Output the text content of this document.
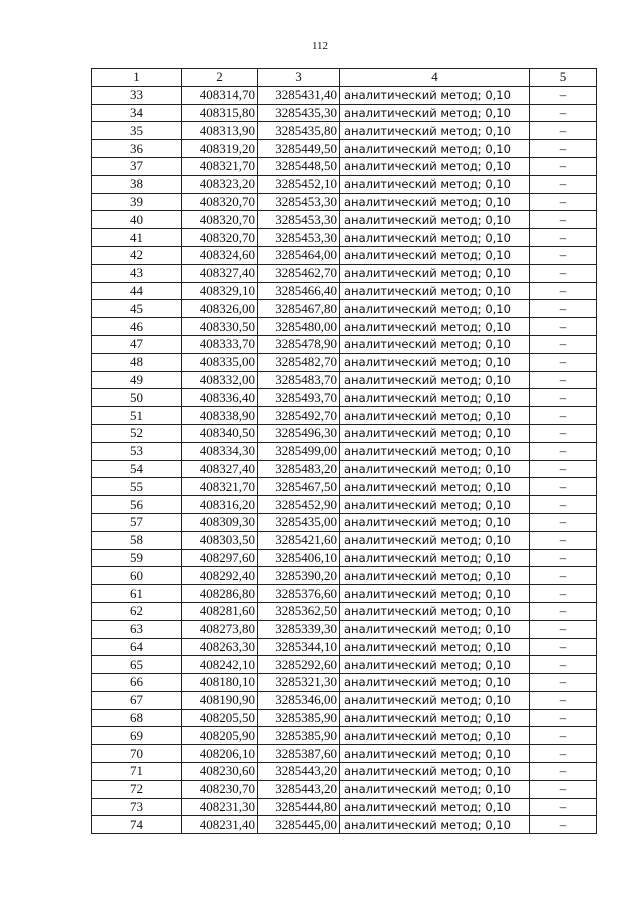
112
1	2	3	4	5
33	408314,70	3285431,40	аналитический метод; 0,10	–
34	408315,80	3285435,30	аналитический метод; 0,10	–
35	408313,90	3285435,80	аналитический метод; 0,10	–
36	408319,20	3285449,50	аналитический метод; 0,10	–
37	408321,70	3285448,50	аналитический метод; 0,10	–
38	408323,20	3285452,10	аналитический метод; 0,10	–
39	408320,70	3285453,30	аналитический метод; 0,10	–
40	408320,70	3285453,30	аналитический метод; 0,10	–
41	408320,70	3285453,30	аналитический метод; 0,10	–
42	408324,60	3285464,00	аналитический метод; 0,10	–
43	408327,40	3285462,70	аналитический метод; 0,10	–
44	408329,10	3285466,40	аналитический метод; 0,10	–
45	408326,00	3285467,80	аналитический метод; 0,10	–
46	408330,50	3285480,00	аналитический метод; 0,10	–
47	408333,70	3285478,90	аналитический метод; 0,10	–
48	408335,00	3285482,70	аналитический метод; 0,10	–
49	408332,00	3285483,70	аналитический метод; 0,10	–
50	408336,40	3285493,70	аналитический метод; 0,10	–
51	408338,90	3285492,70	аналитический метод; 0,10	–
52	408340,50	3285496,30	аналитический метод; 0,10	–
53	408334,30	3285499,00	аналитический метод; 0,10	–
54	408327,40	3285483,20	аналитический метод; 0,10	–
55	408321,70	3285467,50	аналитический метод; 0,10	–
56	408316,20	3285452,90	аналитический метод; 0,10	–
57	408309,30	3285435,00	аналитический метод; 0,10	–
58	408303,50	3285421,60	аналитический метод; 0,10	–
59	408297,60	3285406,10	аналитический метод; 0,10	–
60	408292,40	3285390,20	аналитический метод; 0,10	–
61	408286,80	3285376,60	аналитический метод; 0,10	–
62	408281,60	3285362,50	аналитический метод; 0,10	–
63	408273,80	3285339,30	аналитический метод; 0,10	–
64	408263,30	3285344,10	аналитический метод; 0,10	–
65	408242,10	3285292,60	аналитический метод; 0,10	–
66	408180,10	3285321,30	аналитический метод; 0,10	–
67	408190,90	3285346,00	аналитический метод; 0,10	–
68	408205,50	3285385,90	аналитический метод; 0,10	–
69	408205,90	3285385,90	аналитический метод; 0,10	–
70	408206,10	3285387,60	аналитический метод; 0,10	–
71	408230,60	3285443,20	аналитический метод; 0,10	–
72	408230,70	3285443,20	аналитический метод; 0,10	–
73	408231,30	3285444,80	аналитический метод; 0,10	–
74	408231,40	3285445,00	аналитический метод; 0,10	–
